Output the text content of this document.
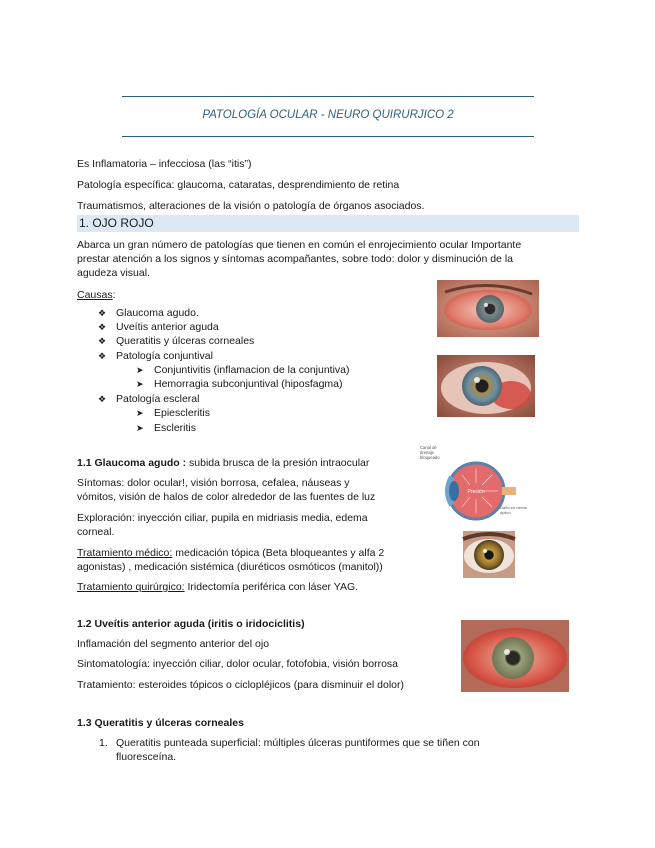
PATOLOGÍA OCULAR - NEURO QUIRURJICO 2
Es Inflamatoria – infecciosa (las “itis”)
Patología específica: glaucoma, cataratas, desprendimiento de retina
Traumatismos, alteraciones de la visión o patología de órganos asociados.
1. OJO ROJO
Abarca un gran número de patologías que tienen en común el enrojecimiento ocular Importante
prestar atención a los signos y síntomas acompañantes, sobre todo: dolor y disminución de la
agudeza visual.
Causas:
❖ Glaucoma agudo.
❖ Uveítis anterior aguda
❖ Queratitis y úlceras corneales
❖ Patología conjuntival
➤ Conjuntivitis (inflamacion de la conjuntiva)
➤ Hemorragia subconjuntival (hiposfagma)
❖ Patología escleral
➤ Epiescleritis
➤ Escleritis
1.1 Glaucoma agudo : subida brusca de la presión intraocular
Síntomas: dolor ocular!, visión borrosa, cefalea, náuseas y
vómitos, visión de halos de color alrededor de las fuentes de luz
Exploración: inyección ciliar, pupila en midriasis media, edema
corneal.
Tratamiento médico: medicación tópica (Beta bloqueantes y alfa 2
agonistas) , medicación sistémica (diuréticos osmóticos (manitol))
Tratamiento quirúrgico: Iridectomía periférica con láser YAG.
Canal de drenaje bloqueado
Presión
Daño en nervio óptico
1.2 Uveítis anterior aguda (iritis o iridociclitis)
Inflamación del segmento anterior del ojo
Sintomatología: inyección ciliar, dolor ocular, fotofobia, visión borrosa
Tratamiento: esteroides tópicos o ciclopléjicos (para disminuir el dolor)
1.3 Queratitis y úlceras corneales
1. Queratitis punteada superficial: múltiples úlceras puntiformes que se tiñen con
fluoresceína.
